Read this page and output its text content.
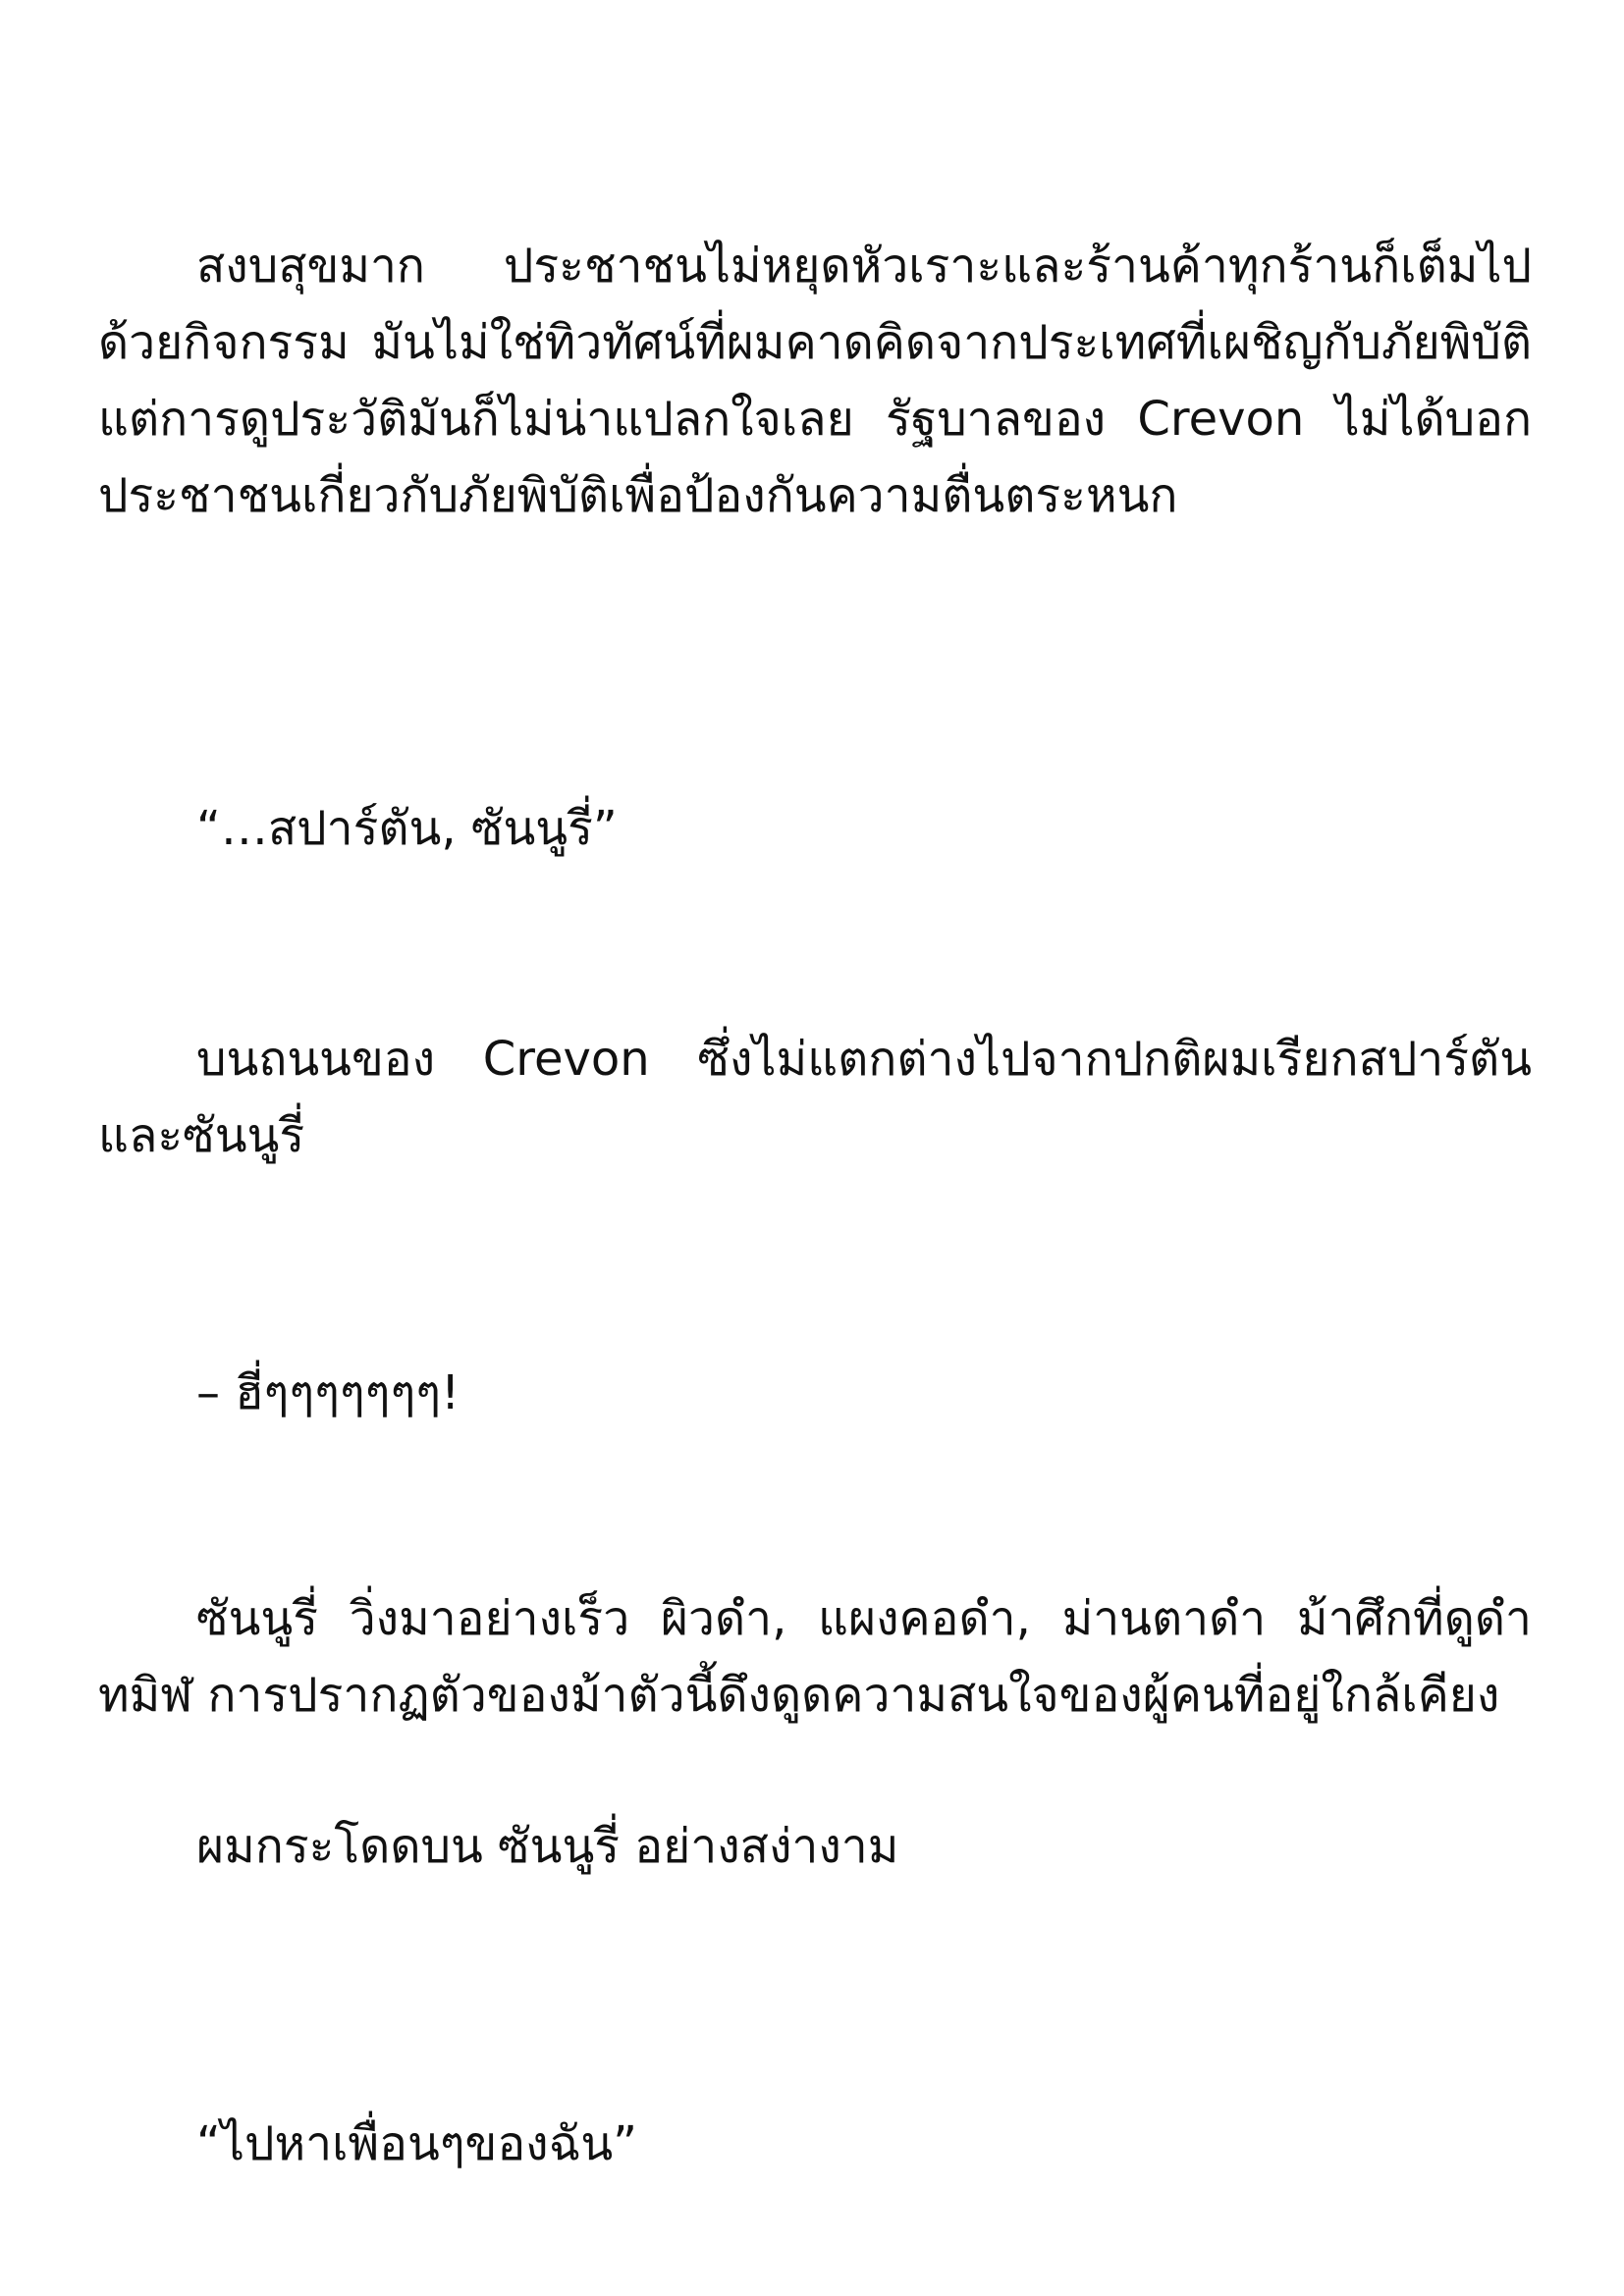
สงบสุขมาก ประชาชนไม่หยุดหัวเราะและร้านค้าทุกร้านก็เต็มไปด้วยกิจกรรม มันไม่ใช่ทิวทัศน์ที่ผมคาดคิดจากประเทศที่เผชิญกับภัยพิบัติ แต่การดูประวัติมันก็ไม่น่าแปลกใจเลย รัฐบาลของ Crevon ไม่ได้บอกประชาชนเกี่ยวกับภัยพิบัติเพื่อป้องกันความตื่นตระหนก

“…สปาร์ตัน, ซันนูรี่”

บนถนนของ Crevon ซึ่งไม่แตกต่างไปจากปกติผมเรียกสปาร์ตันและซันนูรี่

– ฮี่ๆๆๆๆๆๆๆ!

ซันนูรี่ วิ่งมาอย่างเร็ว ผิวดำ, แผงคอดำ, ม่านตาดำ ม้าศึกที่ดูดำทมิฬ การปรากฏตัวของม้าตัวนี้ดึงดูดความสนใจของผู้คนที่อยู่ใกล้เคียง

ผมกระโดดบน ซันนูรี่ อย่างสง่างาม

“ไปหาเพื่อนๆของฉัน”
